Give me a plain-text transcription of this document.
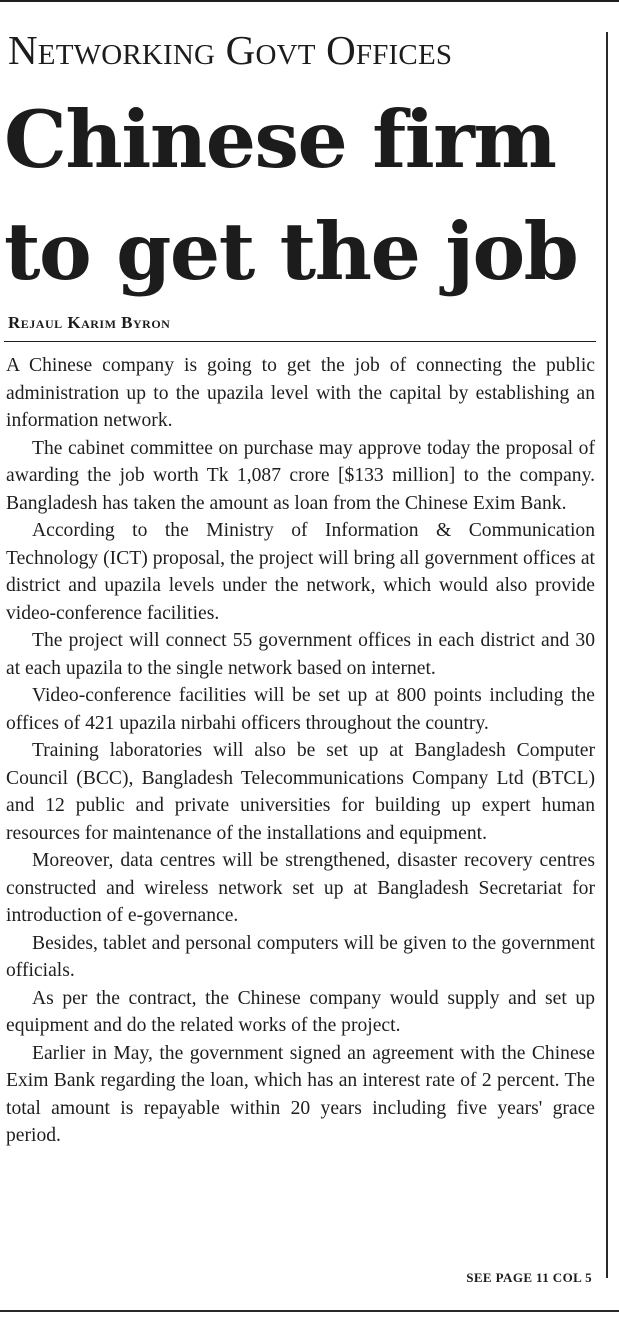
Networking Govt Offices
Chinese firm
to get the job
Rejaul Karim Byron

A Chinese company is going to get the job of connecting the public administration up to the upazila level with the capital by establishing an information network.

The cabinet committee on purchase may approve today the proposal of awarding the job worth Tk 1,087 crore [$133 million] to the company. Bangladesh has taken the amount as loan from the Chinese Exim Bank.

According to the Ministry of Information & Communication Technology (ICT) proposal, the project will bring all government offices at district and upazila levels under the network, which would also provide video-conference facilities.

The project will connect 55 government offices in each district and 30 at each upazila to the single network based on internet.

Video-conference facilities will be set up at 800 points including the offices of 421 upazila nirbahi officers throughout the country.

Training laboratories will also be set up at Bangladesh Computer Council (BCC), Bangladesh Telecommunications Company Ltd (BTCL) and 12 public and private universities for building up expert human resources for maintenance of the installations and equipment.

Moreover, data centres will be strengthened, disaster recovery centres constructed and wireless network set up at Bangladesh Secretariat for introduction of e-governance.

Besides, tablet and personal computers will be given to the government officials.

As per the contract, the Chinese company would supply and set up equipment and do the related works of the project.

Earlier in May, the government signed an agreement with the Chinese Exim Bank regarding the loan, which has an interest rate of 2 percent. The total amount is repayable within 20 years including five years' grace period.

SEE PAGE 11 COL 5
